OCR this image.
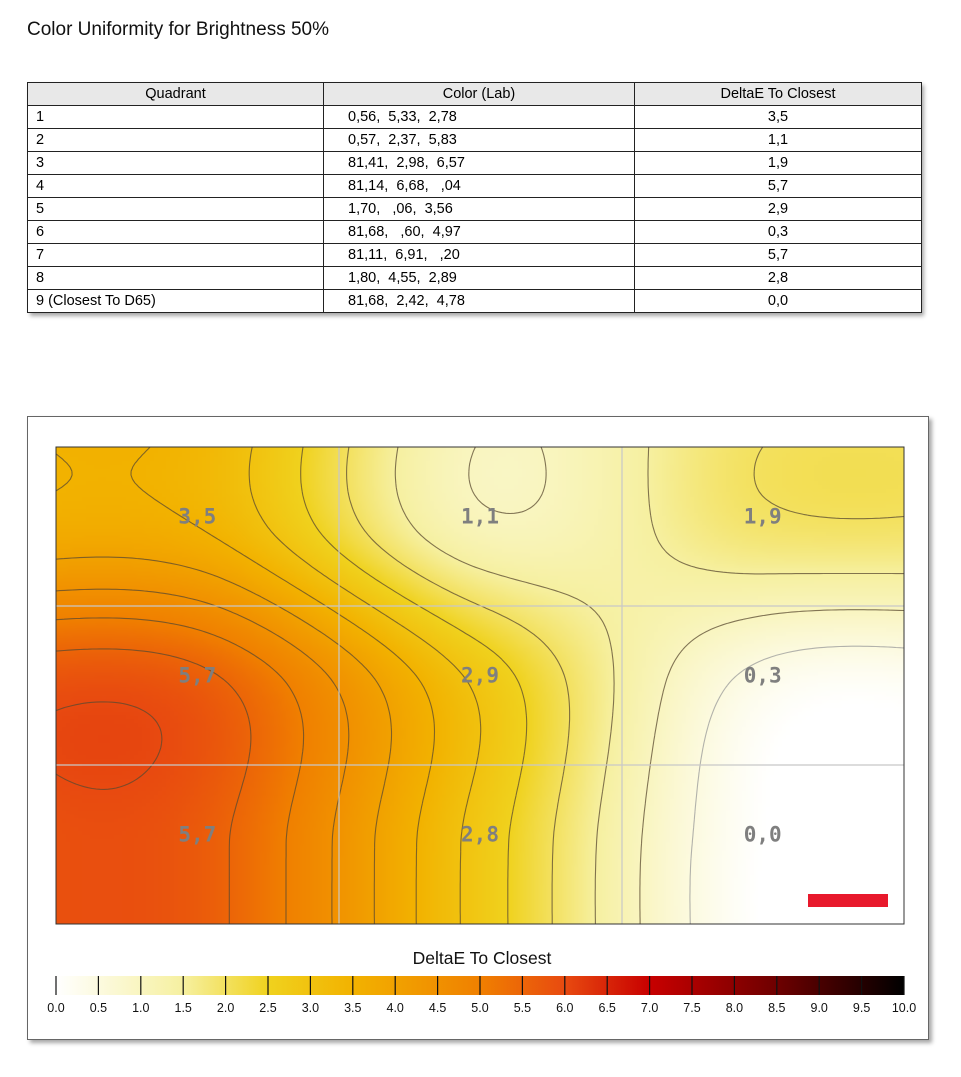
Color Uniformity for Brightness 50%
Quadrant	Color (Lab)	DeltaE To Closest
1	0,56,  5,33,  2,78	3,5
2	0,57,  2,37,  5,83	1,1
3	81,41,  2,98,  6,57	1,9
4	81,14,  6,68,   ,04	5,7
5	1,70,   ,06,  3,56	2,9
6	81,68,   ,60,  4,97	0,3
7	81,11,  6,91,   ,20	5,7
8	1,80,  4,55,  2,89	2,8
9 (Closest To D65)	81,68,  2,42,  4,78	0,0
3,5	1,1	1,9
5,7	2,9	0,3
5,7	2,8	0,0
DeltaE To Closest
0.0 0.5 1.0 1.5 2.0 2.5 3.0 3.5 4.0 4.5 5.0 5.5 6.0 6.5 7.0 7.5 8.0 8.5 9.0 9.5 10.0
